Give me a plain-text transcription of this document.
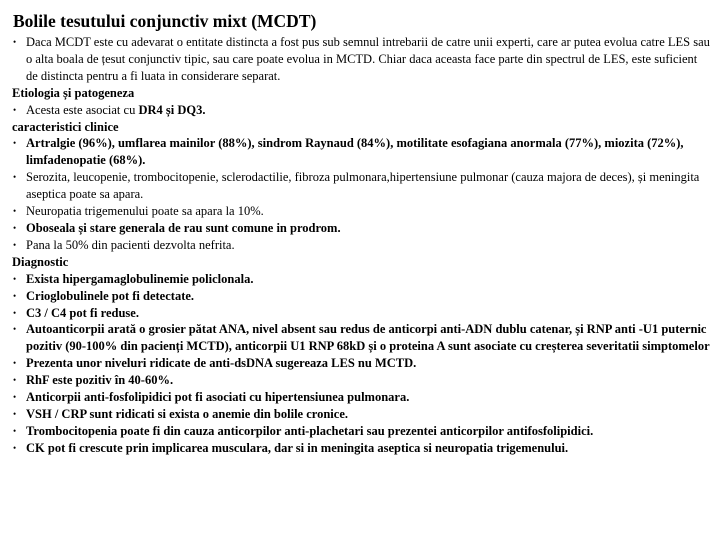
Bolile tesutului conjunctiv mixt (MCDT)
• Daca MCDT este cu adevarat o entitate distincta a fost pus sub semnul intrebarii de catre unii experti, care ar putea evolua catre LES sau o alta boala de țesut conjunctiv tipic, sau care poate evolua in MCTD. Chiar daca aceasta face parte din spectrul de LES, este suficient de distincta pentru a fi luata in considerare separat.
Etiologia și patogeneza
• Acesta este asociat cu DR4 și DQ3.
caracteristici clinice
• Artralgie (96%), umflarea mainilor (88%), sindrom Raynaud (84%), motilitate esofagiana anormala (77%), miozita (72%), limfadenopatie (68%).
• Serozita, leucopenie, trombocitopenie, sclerodactilie, fibroza pulmonara,hipertensiune pulmonar (cauza majora de deces), și meningita aseptica poate sa apara.
• Neuropatia trigemenului poate sa apara la 10%.
• Oboseala și stare generala de rau sunt comune in prodrom.
• Pana la 50% din pacienti dezvolta nefrita.
Diagnostic
• Exista hipergamaglobulinemie policlonala.
• Crioglobulinele pot fi detectate.
• C3 / C4 pot fi reduse.
• Autoanticorpii arată o grosier pătat ANA, nivel absent sau redus de anticorpi anti-ADN dublu catenar, și RNP anti -U1 puternic pozitiv (90-100% din pacienți MCTD), anticorpii U1 RNP 68kD și o proteina A sunt asociate cu creșterea severitatii simptomelor
• Prezenta unor niveluri ridicate de anti-dsDNA sugereaza LES nu MCTD.
• RhF este pozitiv în 40-60%.
• Anticorpii anti-fosfolipidici pot fi asociati cu hipertensiunea pulmonara.
• VSH / CRP sunt ridicati si exista o anemie din bolile cronice.
• Trombocitopenia poate fi din cauza anticorpilor anti-plachetari sau prezentei anticorpilor antifosfolipidici.
• CK pot fi crescute prin implicarea musculara, dar si in meningita aseptica si neuropatia trigemenului.
